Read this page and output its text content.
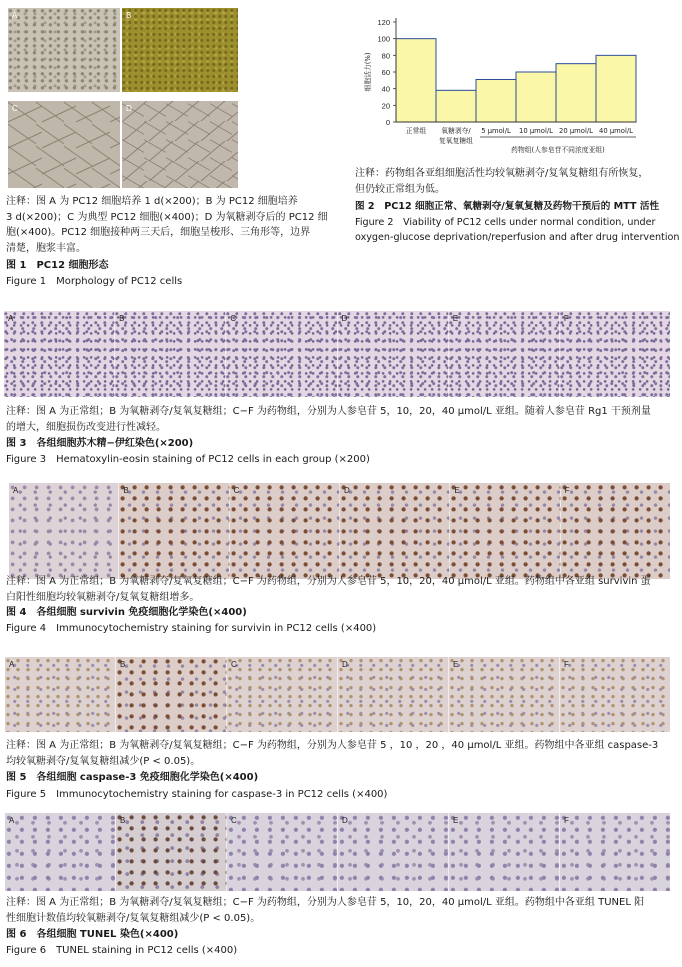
A	B
C	D
注释：图 A 为 PC12 细胞培养 1 d(×200)；B 为 PC12 细胞培养
3 d(×200)；C 为典型 PC12 细胞(×400)；D 为氧糖剥夺后的 PC12 细
胞(×400)。PC12 细胞接种两三天后，细胞呈梭形、三角形等，边界
清楚，胞浆丰富。
图 1　PC12 细胞形态
Figure 1　Morphology of PC12 cells
0
20
40
60
80
100
120
正常组 氧糖剥夺/
复氧复糖组
5 μmol/L 10 μmol/L 20 μmol/L 40 μmol/L
药物组(人参皂苷不同浓度亚组)
细胞活力(%)
注释：药物组各亚组细胞活性均较氧糖剥夺/复氧复糖组有所恢复，
但仍较正常组为低。
图 2　PC12 细胞正常、氧糖剥夺/复氧复糖及药物干预后的 MTT 活性
Figure 2　Viability of PC12 cells under normal condition, under
oxygen-glucose deprivation/reperfusion and after drug intervention
A	B	C	D	E	F
注释：图 A 为正常组；B 为氧糖剥夺/复氧复糖组；C−F 为药物组，分别为人参皂苷 5，10，20，40 μmol/L 亚组。随着人参皂苷 Rg1 干预剂量
的增大，细胞损伤改变进行性减轻。
图 3　各组细胞苏木精−伊红染色(×200)
Figure 3　Hematoxylin-eosin staining of PC12 cells in each group (×200)
A	B	C	D	E	F
注释：图 A 为正常组；B 为氧糖剥夺/复氧复糖组；C−F 为药物组，分别为人参皂苷 5，10，20，40 μmol/L 亚组。药物组中各亚组 survivin 蛋
白阳性细胞均较氧糖剥夺/复氧复糖组增多。
图 4　各组细胞 survivin 免疫细胞化学染色(×400)
Figure 4　Immunocytochemistry staining for survivin in PC12 cells (×400)
A	B	C	D	E	F
注释：图 A 为正常组；B 为氧糖剥夺/复氧复糖组；C−F 为药物组，分别为人参皂苷 5 ，10 ，20 ，40 μmol/L 亚组。药物组中各亚组 caspase-3
均较氧糖剥夺/复氧复糖组减少(P < 0.05)。
图 5　各组细胞 caspase-3 免疫细胞化学染色(×400)
Figure 5　Immunocytochemistry staining for caspase-3 in PC12 cells (×400)
A	B	C	D	E	F
注释：图 A 为正常组；B 为氧糖剥夺/复氧复糖组；C−F 为药物组，分别为人参皂苷 5，10，20，40 μmol/L 亚组。药物组中各亚组 TUNEL 阳
性细胞计数值均较氧糖剥夺/复氧复糖组减少(P < 0.05)。
图 6　各组细胞 TUNEL 染色(×400)
Figure 6　TUNEL staining in PC12 cells (×400)
